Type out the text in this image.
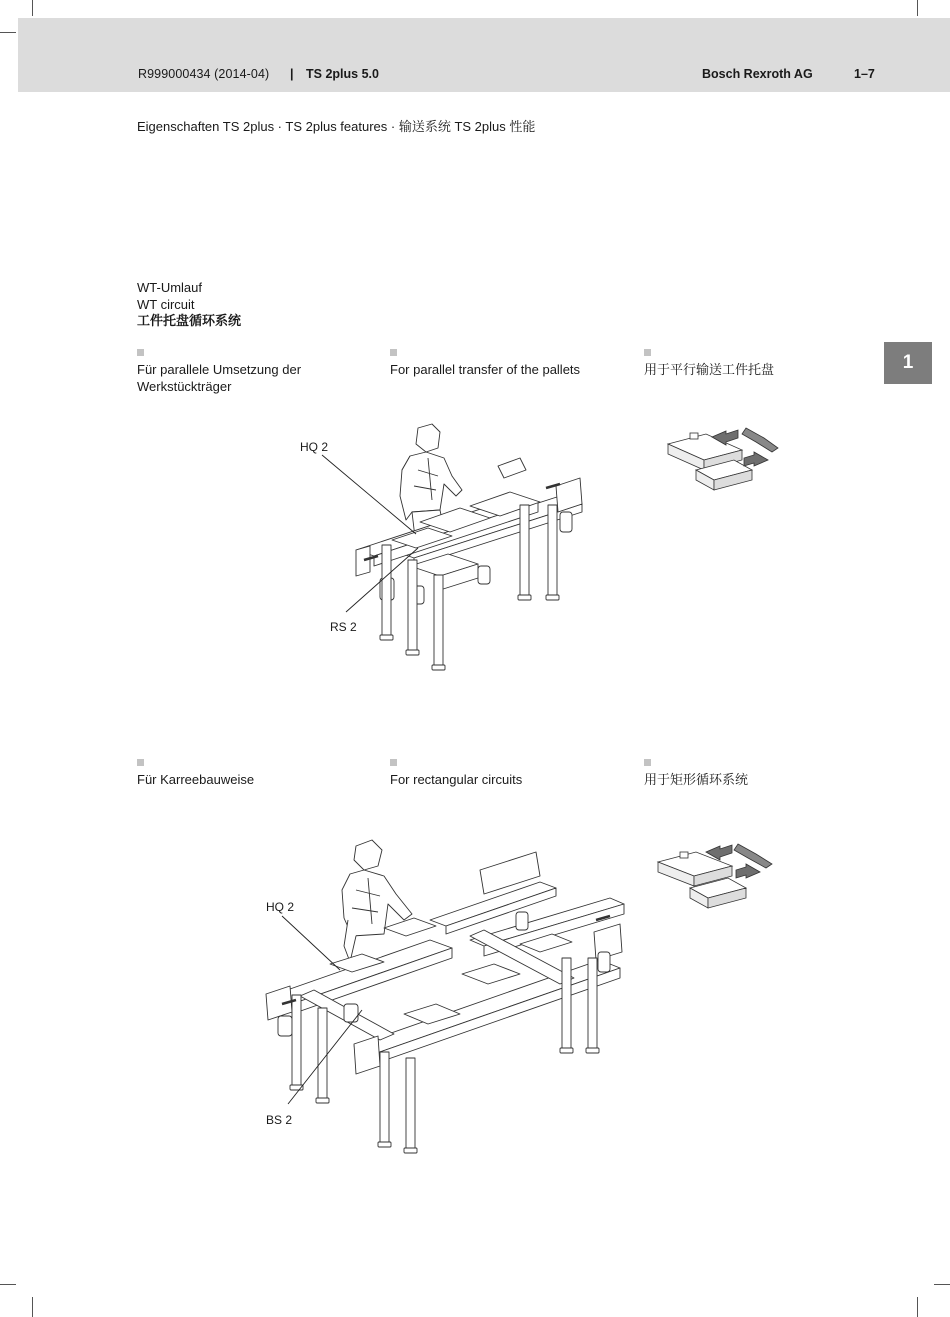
R999000434 (2014-04) | TS 2plus 5.0	Bosch Rexroth AG	1–7
Eigenschaften TS 2plus · TS 2plus features · 输送系统 TS 2plus 性能
WT-Umlauf
WT circuit
工件托盘循环系统
1
Für parallele Umsetzung der Werkstückträger
For parallel transfer of the pallets	用于平行输送工件托盘
Für Karreebauweise	For rectangular circuits	用于矩形循环系统
HQ 2
RS 2
HQ 2
BS 2
